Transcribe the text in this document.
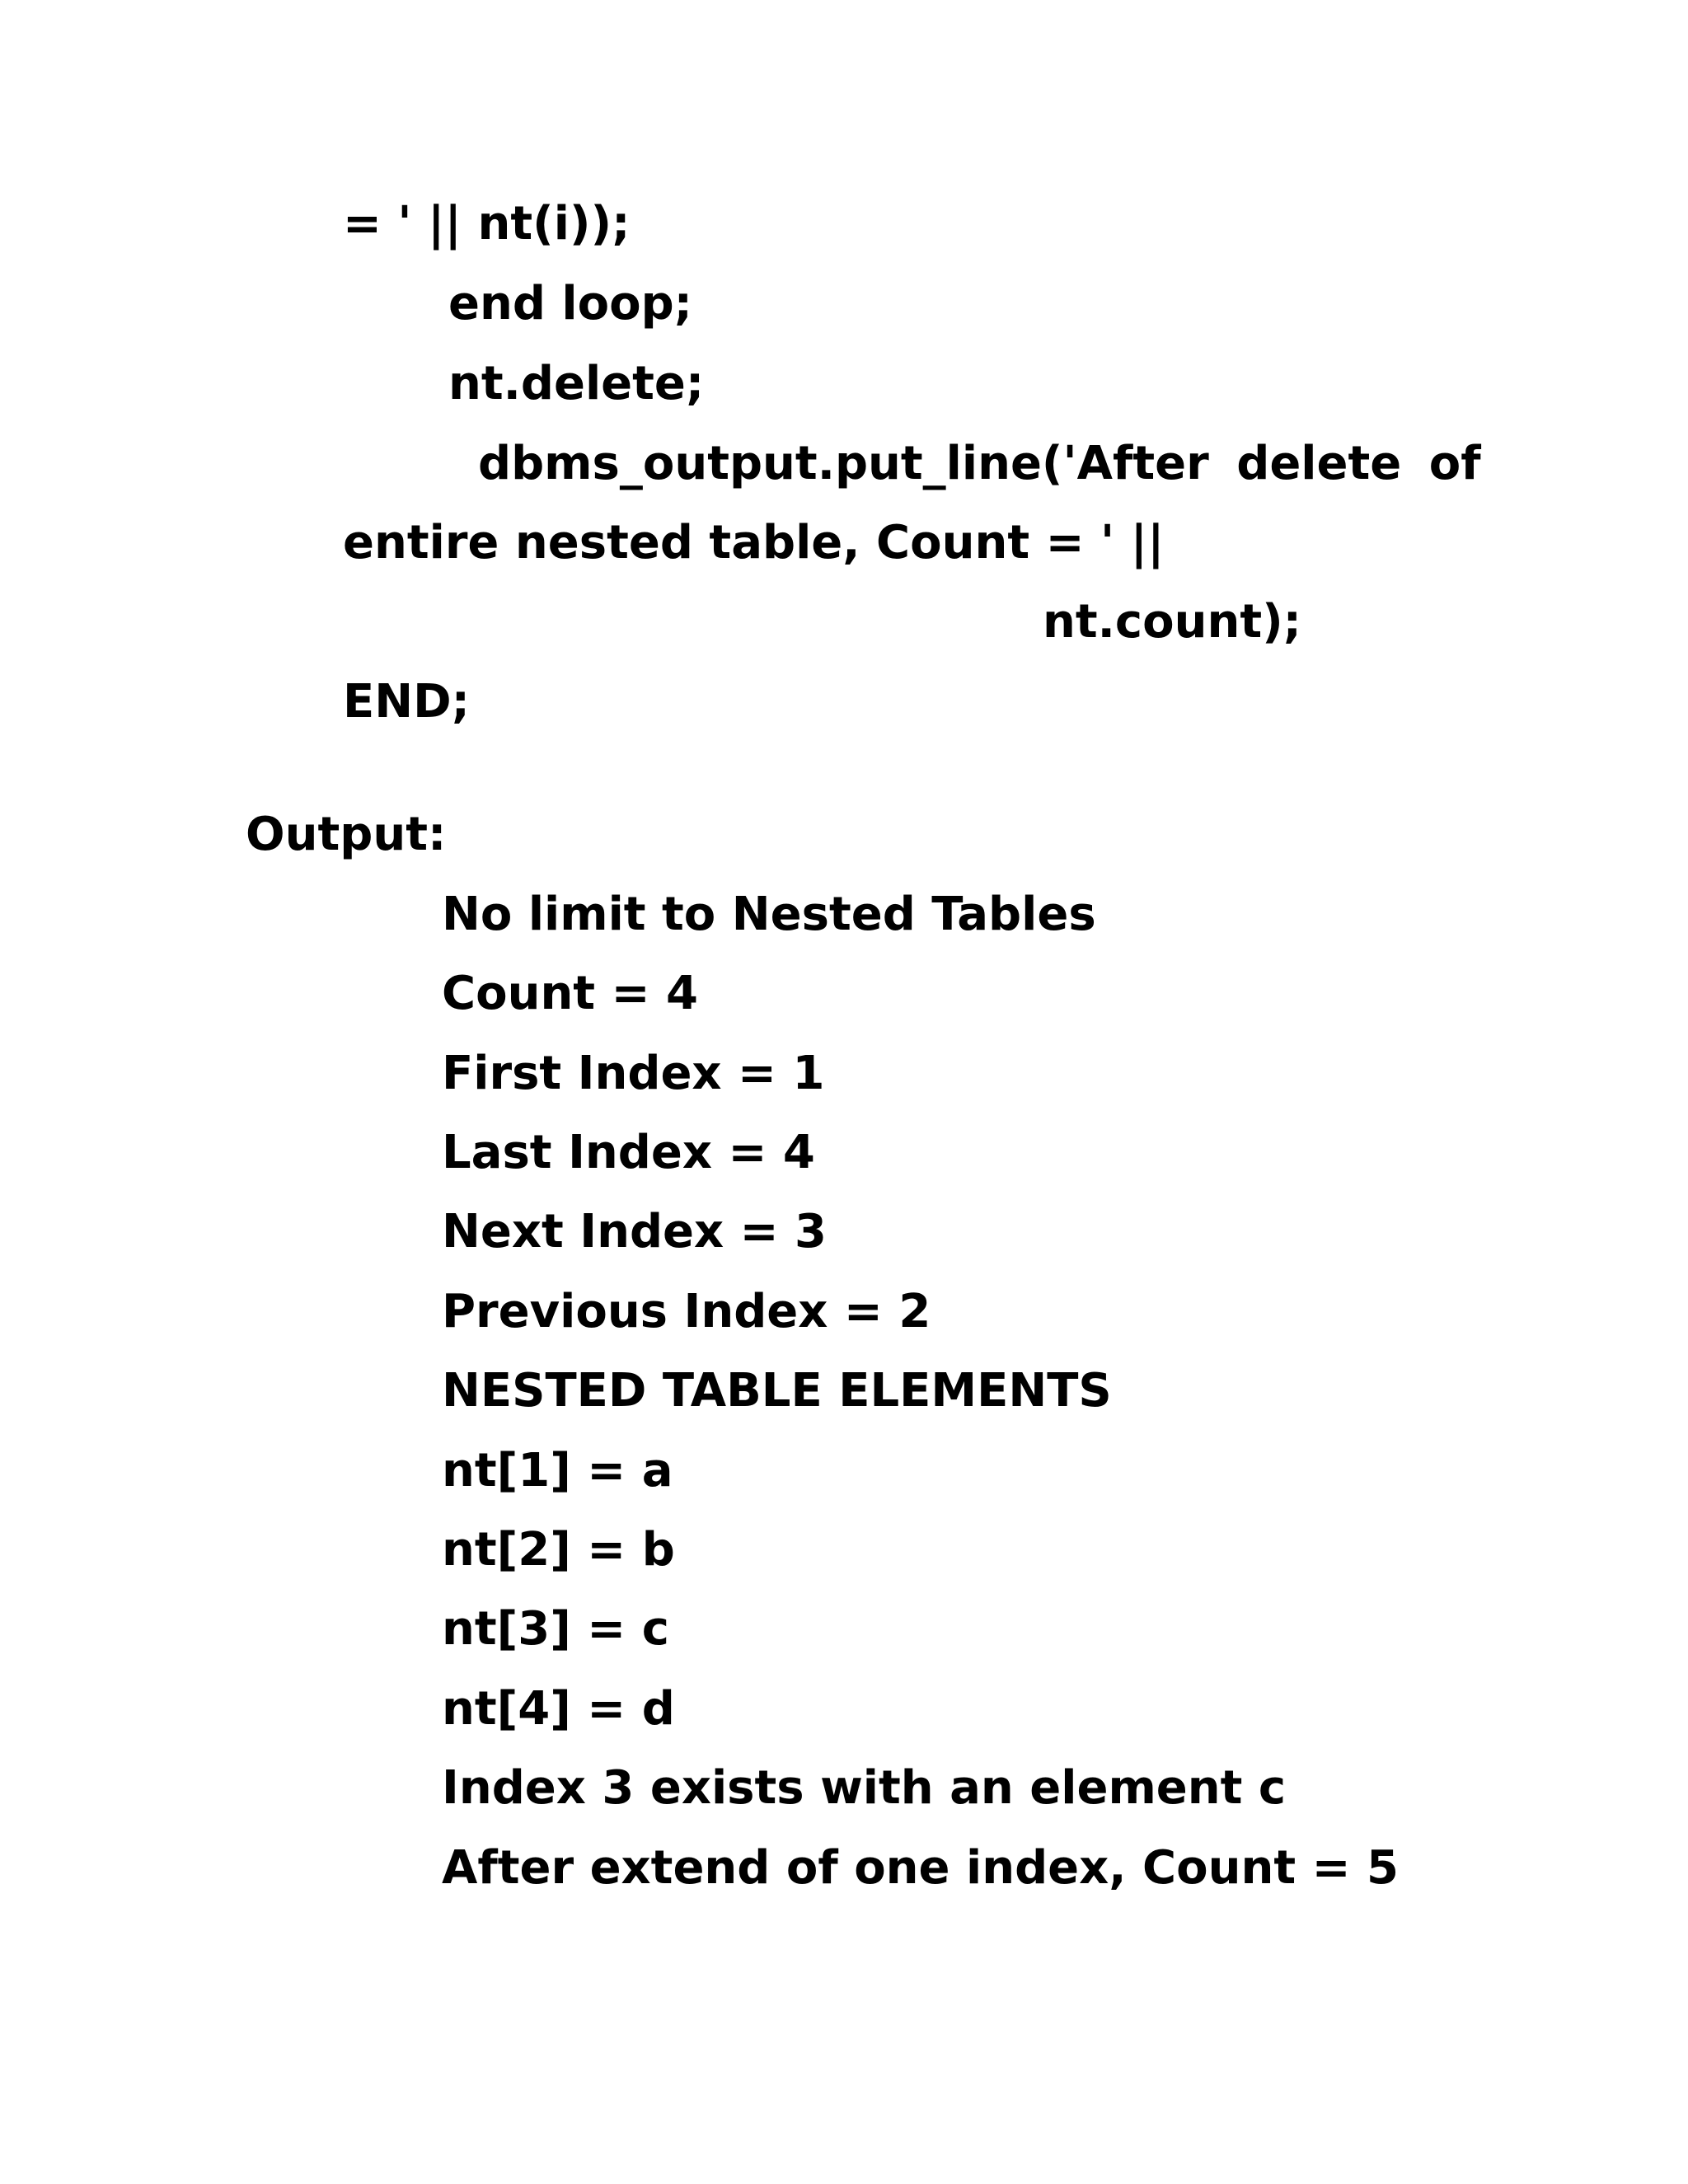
= ' || nt(i));

end loop;

nt.delete;

dbms_output.put_line('After delete of

entire nested table, Count = ' ||

nt.count);

END;

Output:

No limit to Nested Tables

Count = 4

First Index = 1

Last Index = 4

Next Index = 3

Previous Index = 2

NESTED TABLE ELEMENTS

nt[1] = a

nt[2] = b

nt[3] = c

nt[4] = d

Index 3 exists with an element c

After extend of one index, Count = 5
